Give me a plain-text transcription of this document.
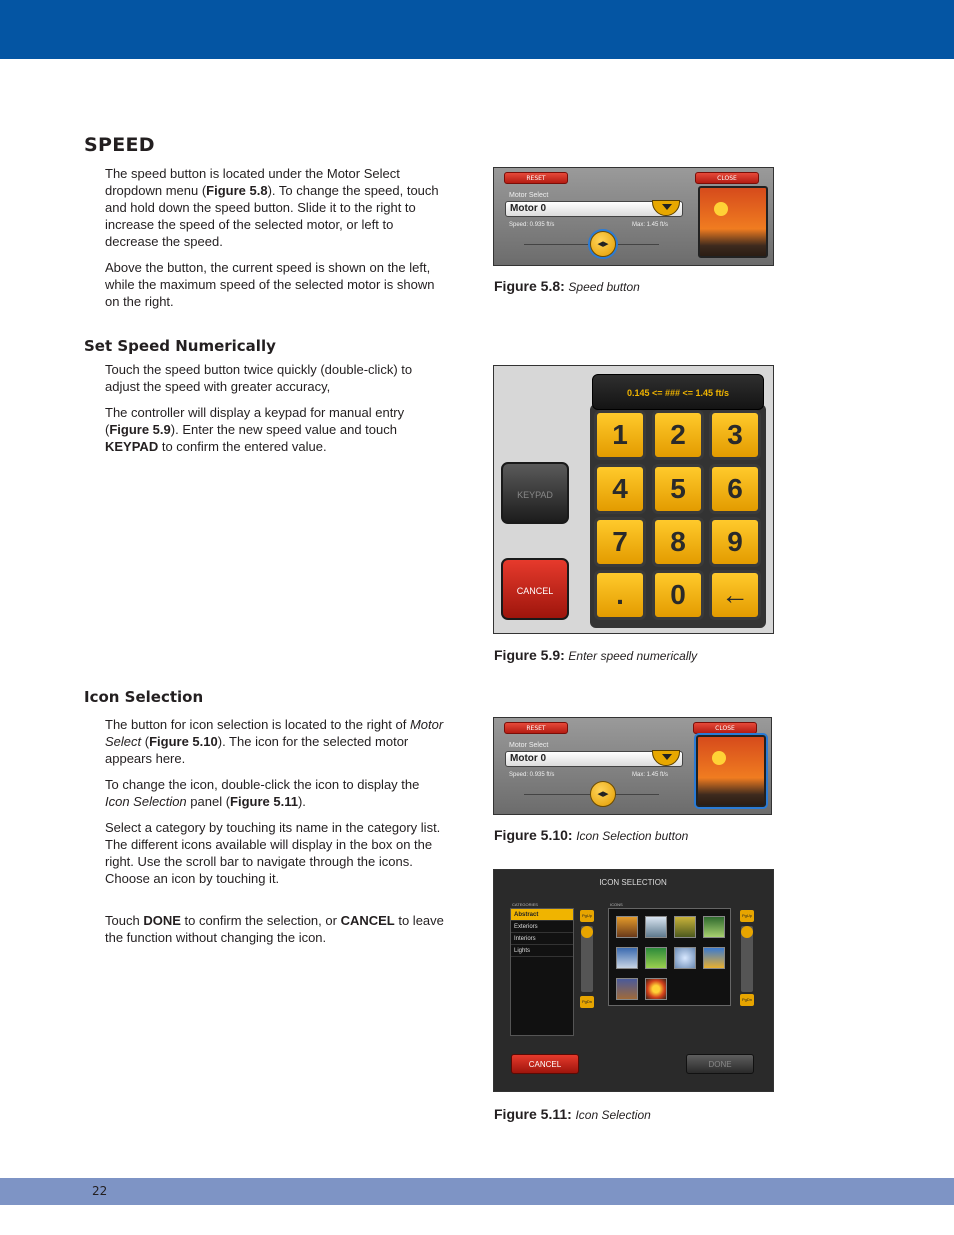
SPEED
The speed button is located under the Motor Select dropdown menu (Figure 5.8). To change the speed, touch and hold down the speed button. Slide it to the right to increase the speed of the selected motor, or left to decrease the speed.
Above the button, the current speed is shown on the left, while the maximum speed of the selected motor is shown on the right.
Set Speed Numerically
Touch the speed button twice quickly (double-click) to adjust the speed with greater accuracy,
The controller will display a keypad for manual entry (Figure 5.9). Enter the new speed value and touch KEYPAD to confirm the entered value.
Icon Selection
The button for icon selection is located to the right of Motor Select (Figure 5.10). The icon for the selected motor appears here.
To change the icon, double-click the icon to display the Icon Selection panel (Figure 5.11).
Select a category by touching its name in the category list. The different icons available will display in the box on the right. Use the scroll bar to navigate through the icons. Choose an icon by touching it.
Touch DONE to confirm the selection, or CANCEL to leave the function without changing the icon.
RESET	CLOSE
Motor Select
Motor 0
Speed: 0.935 ft/s	Max: 1.45 ft/s
◂▸
Figure 5.8: Speed button
0.145 <= ### <= 1.45 ft/s
KEYPAD
CANCEL
1	2	3
4	5	6
7	8	9
.	0	←
Figure 5.9: Enter speed numerically
RESET	CLOSE
Motor Select
Motor 0
Speed: 0.935 ft/s	Max: 1.45 ft/s
◂▸
Figure 5.10: Icon Selection button
ICON SELECTION
CATEGORIES	ICONS
Abstract
Exteriors
Interiors
Lights
PgUp
PgDn
PgUp
PgDn
CANCEL	DONE
Figure 5.11: Icon Selection
22
